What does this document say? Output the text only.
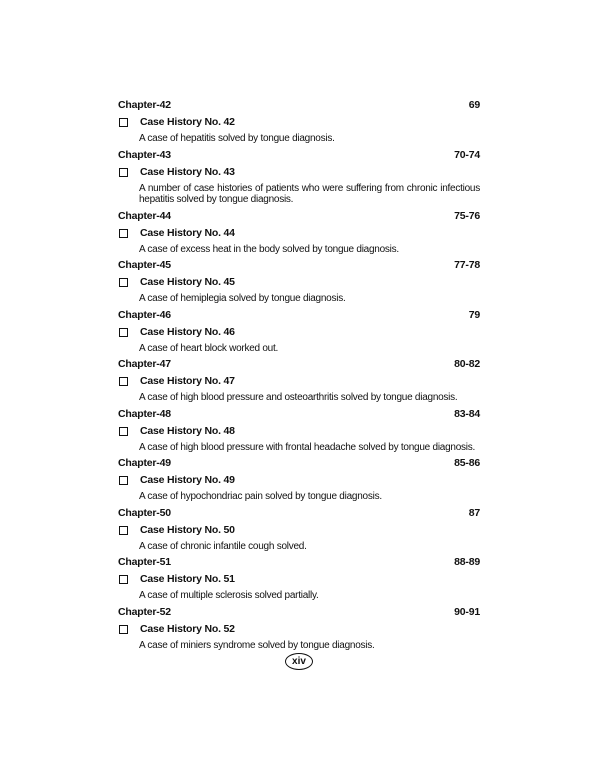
Chapter-42	69
Case History No. 42
A case of hepatitis solved by tongue diagnosis.
Chapter-43	70-74
Case History No. 43
A number of case histories of patients who were suffering from chronic infectious hepatitis solved by tongue diagnosis.
Chapter-44	75-76
Case History No. 44
A case of excess heat in the body solved by tongue diagnosis.
Chapter-45	77-78
Case History No. 45
A case of hemiplegia solved by tongue diagnosis.
Chapter-46	79
Case History No. 46
A case of heart block worked out.
Chapter-47	80-82
Case History No. 47
A case of high blood pressure and osteoarthritis solved by tongue diagnosis.
Chapter-48	83-84
Case History No. 48
A case of high blood pressure with frontal headache solved by tongue diagnosis.
Chapter-49	85-86
Case History No. 49
A case of hypochondriac pain solved by tongue diagnosis.
Chapter-50	87
Case History No. 50
A case of chronic infantile cough solved.
Chapter-51	88-89
Case History No. 51
A case of multiple sclerosis solved partially.
Chapter-52	90-91
Case History No. 52
A case of miniers syndrome solved by tongue diagnosis.
xiv
